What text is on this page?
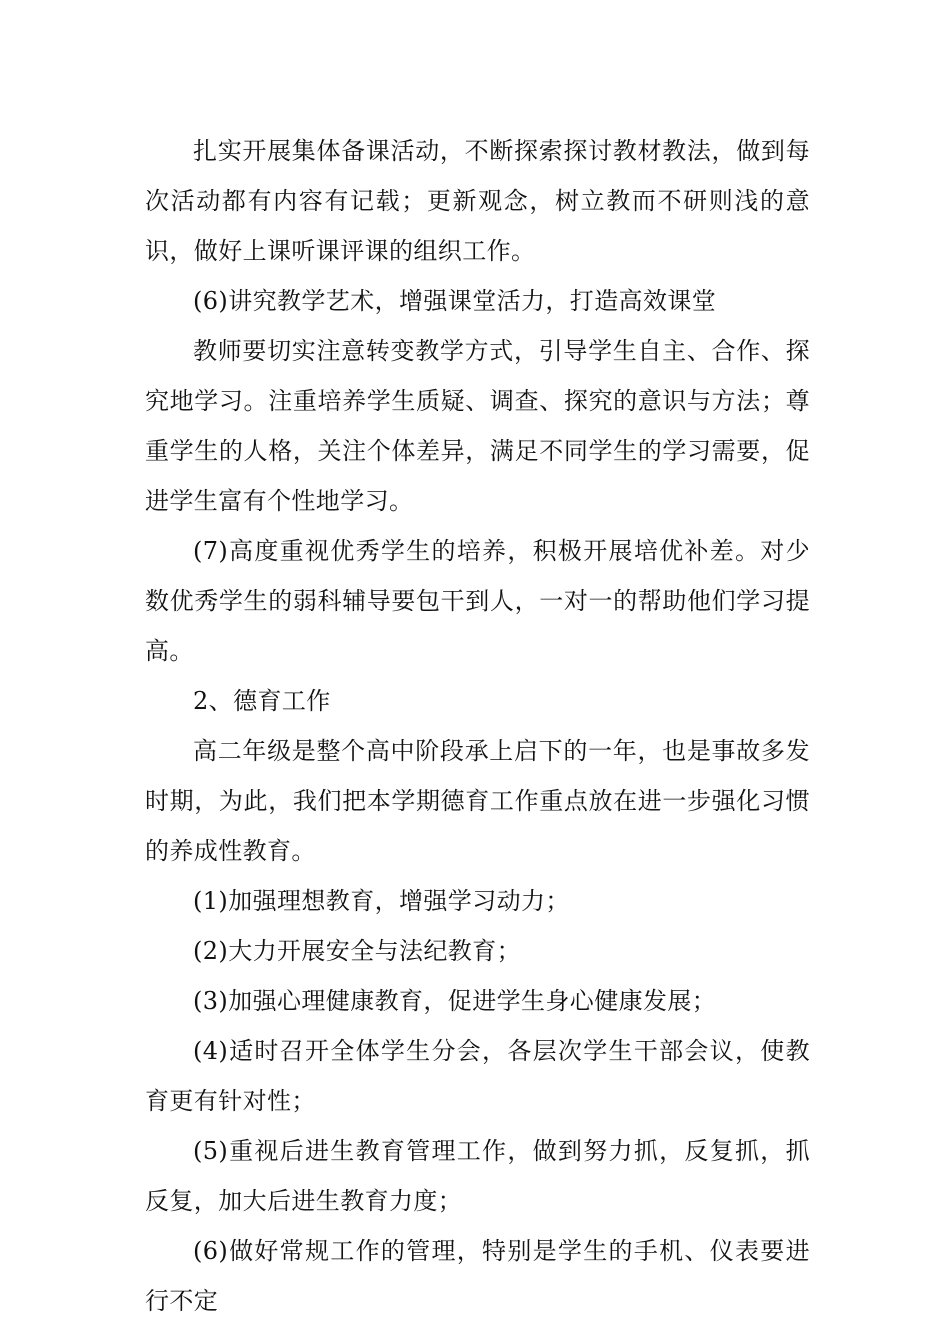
扎实开展集体备课活动，不断探索探讨教材教法，做到每次活动都有内容有记载；更新观念，树立教而不研则浅的意识，做好上课听课评课的组织工作。

(6)讲究教学艺术，增强课堂活力，打造高效课堂

教师要切实注意转变教学方式，引导学生自主、合作、探究地学习。注重培养学生质疑、调查、探究的意识与方法；尊重学生的人格，关注个体差异，满足不同学生的学习需要，促进学生富有个性地学习。

(7)高度重视优秀学生的培养，积极开展培优补差。对少数优秀学生的弱科辅导要包干到人，一对一的帮助他们学习提高。

2、德育工作

高二年级是整个高中阶段承上启下的一年，也是事故多发时期，为此，我们把本学期德育工作重点放在进一步强化习惯的养成性教育。

(1)加强理想教育，增强学习动力；

(2)大力开展安全与法纪教育；

(3)加强心理健康教育，促进学生身心健康发展；

(4)适时召开全体学生分会，各层次学生干部会议，使教育更有针对性；

(5)重视后进生教育管理工作，做到努力抓，反复抓，抓反复，加大后进生教育力度；

(6)做好常规工作的管理，特别是学生的手机、仪表要进行不定
